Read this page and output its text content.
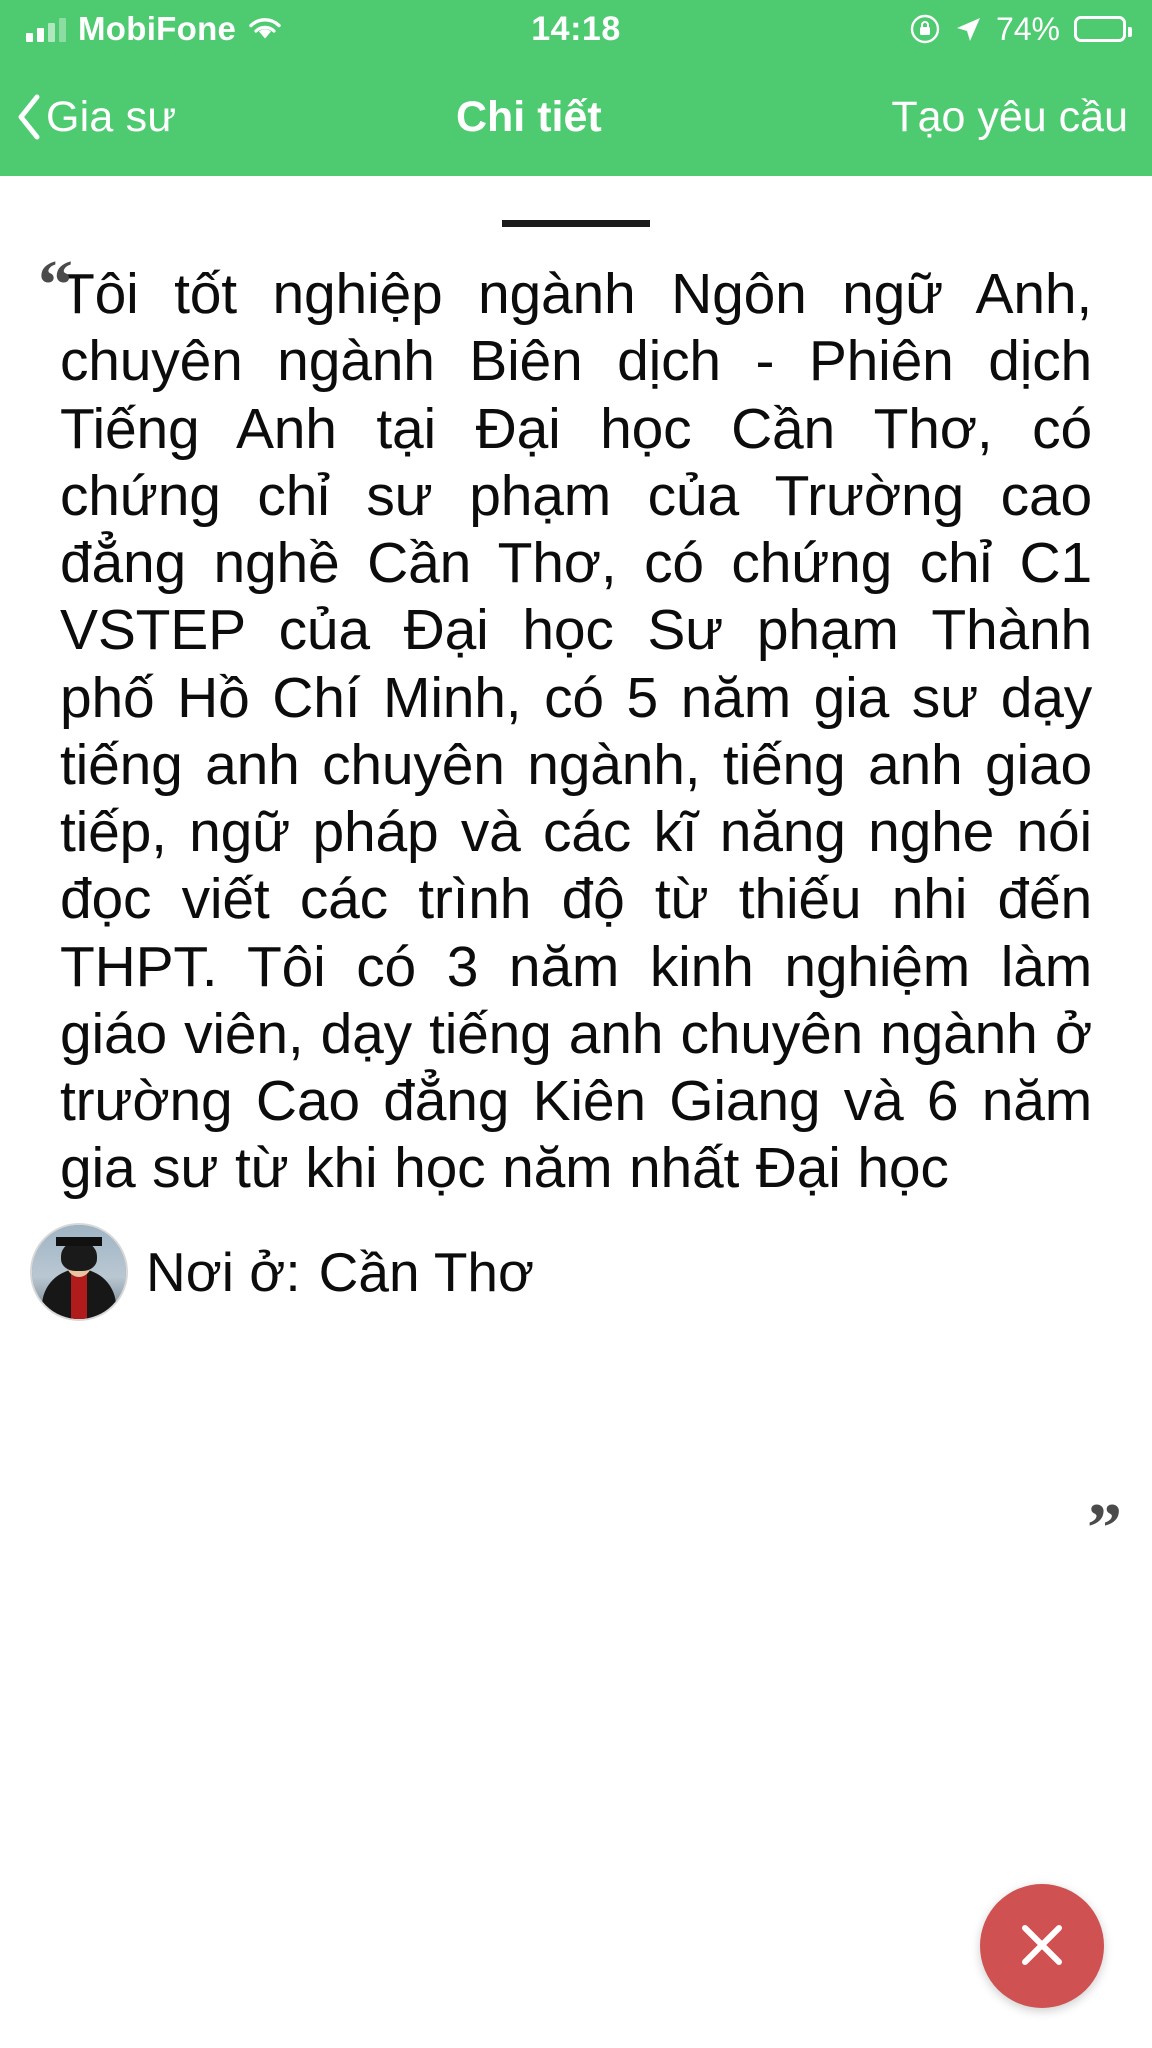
MobiFone	14:18	74%
Gia sư	Chi tiết	Tạo yêu cầu
“

Tôi tốt nghiệp ngành Ngôn ngữ Anh, chuyên ngành Biên dịch - Phiên dịch Tiếng Anh tại Đại học Cần Thơ, có chứng chỉ sư phạm của Trường cao đẳng nghề Cần Thơ, có chứng chỉ C1 VSTEP của Đại học Sư phạm Thành phố Hồ Chí Minh, có 5 năm gia sư dạy tiếng anh chuyên ngành, tiếng anh giao tiếp, ngữ pháp và các kĩ năng nghe nói đọc viết các trình độ từ thiếu nhi đến THPT. Tôi có 3 năm kinh nghiệm làm giáo viên, dạy tiếng anh chuyên ngành ở trường Cao đẳng Kiên Giang và 6 năm gia sư từ khi học năm nhất Đại học

”
Nơi ở: Cần Thơ
